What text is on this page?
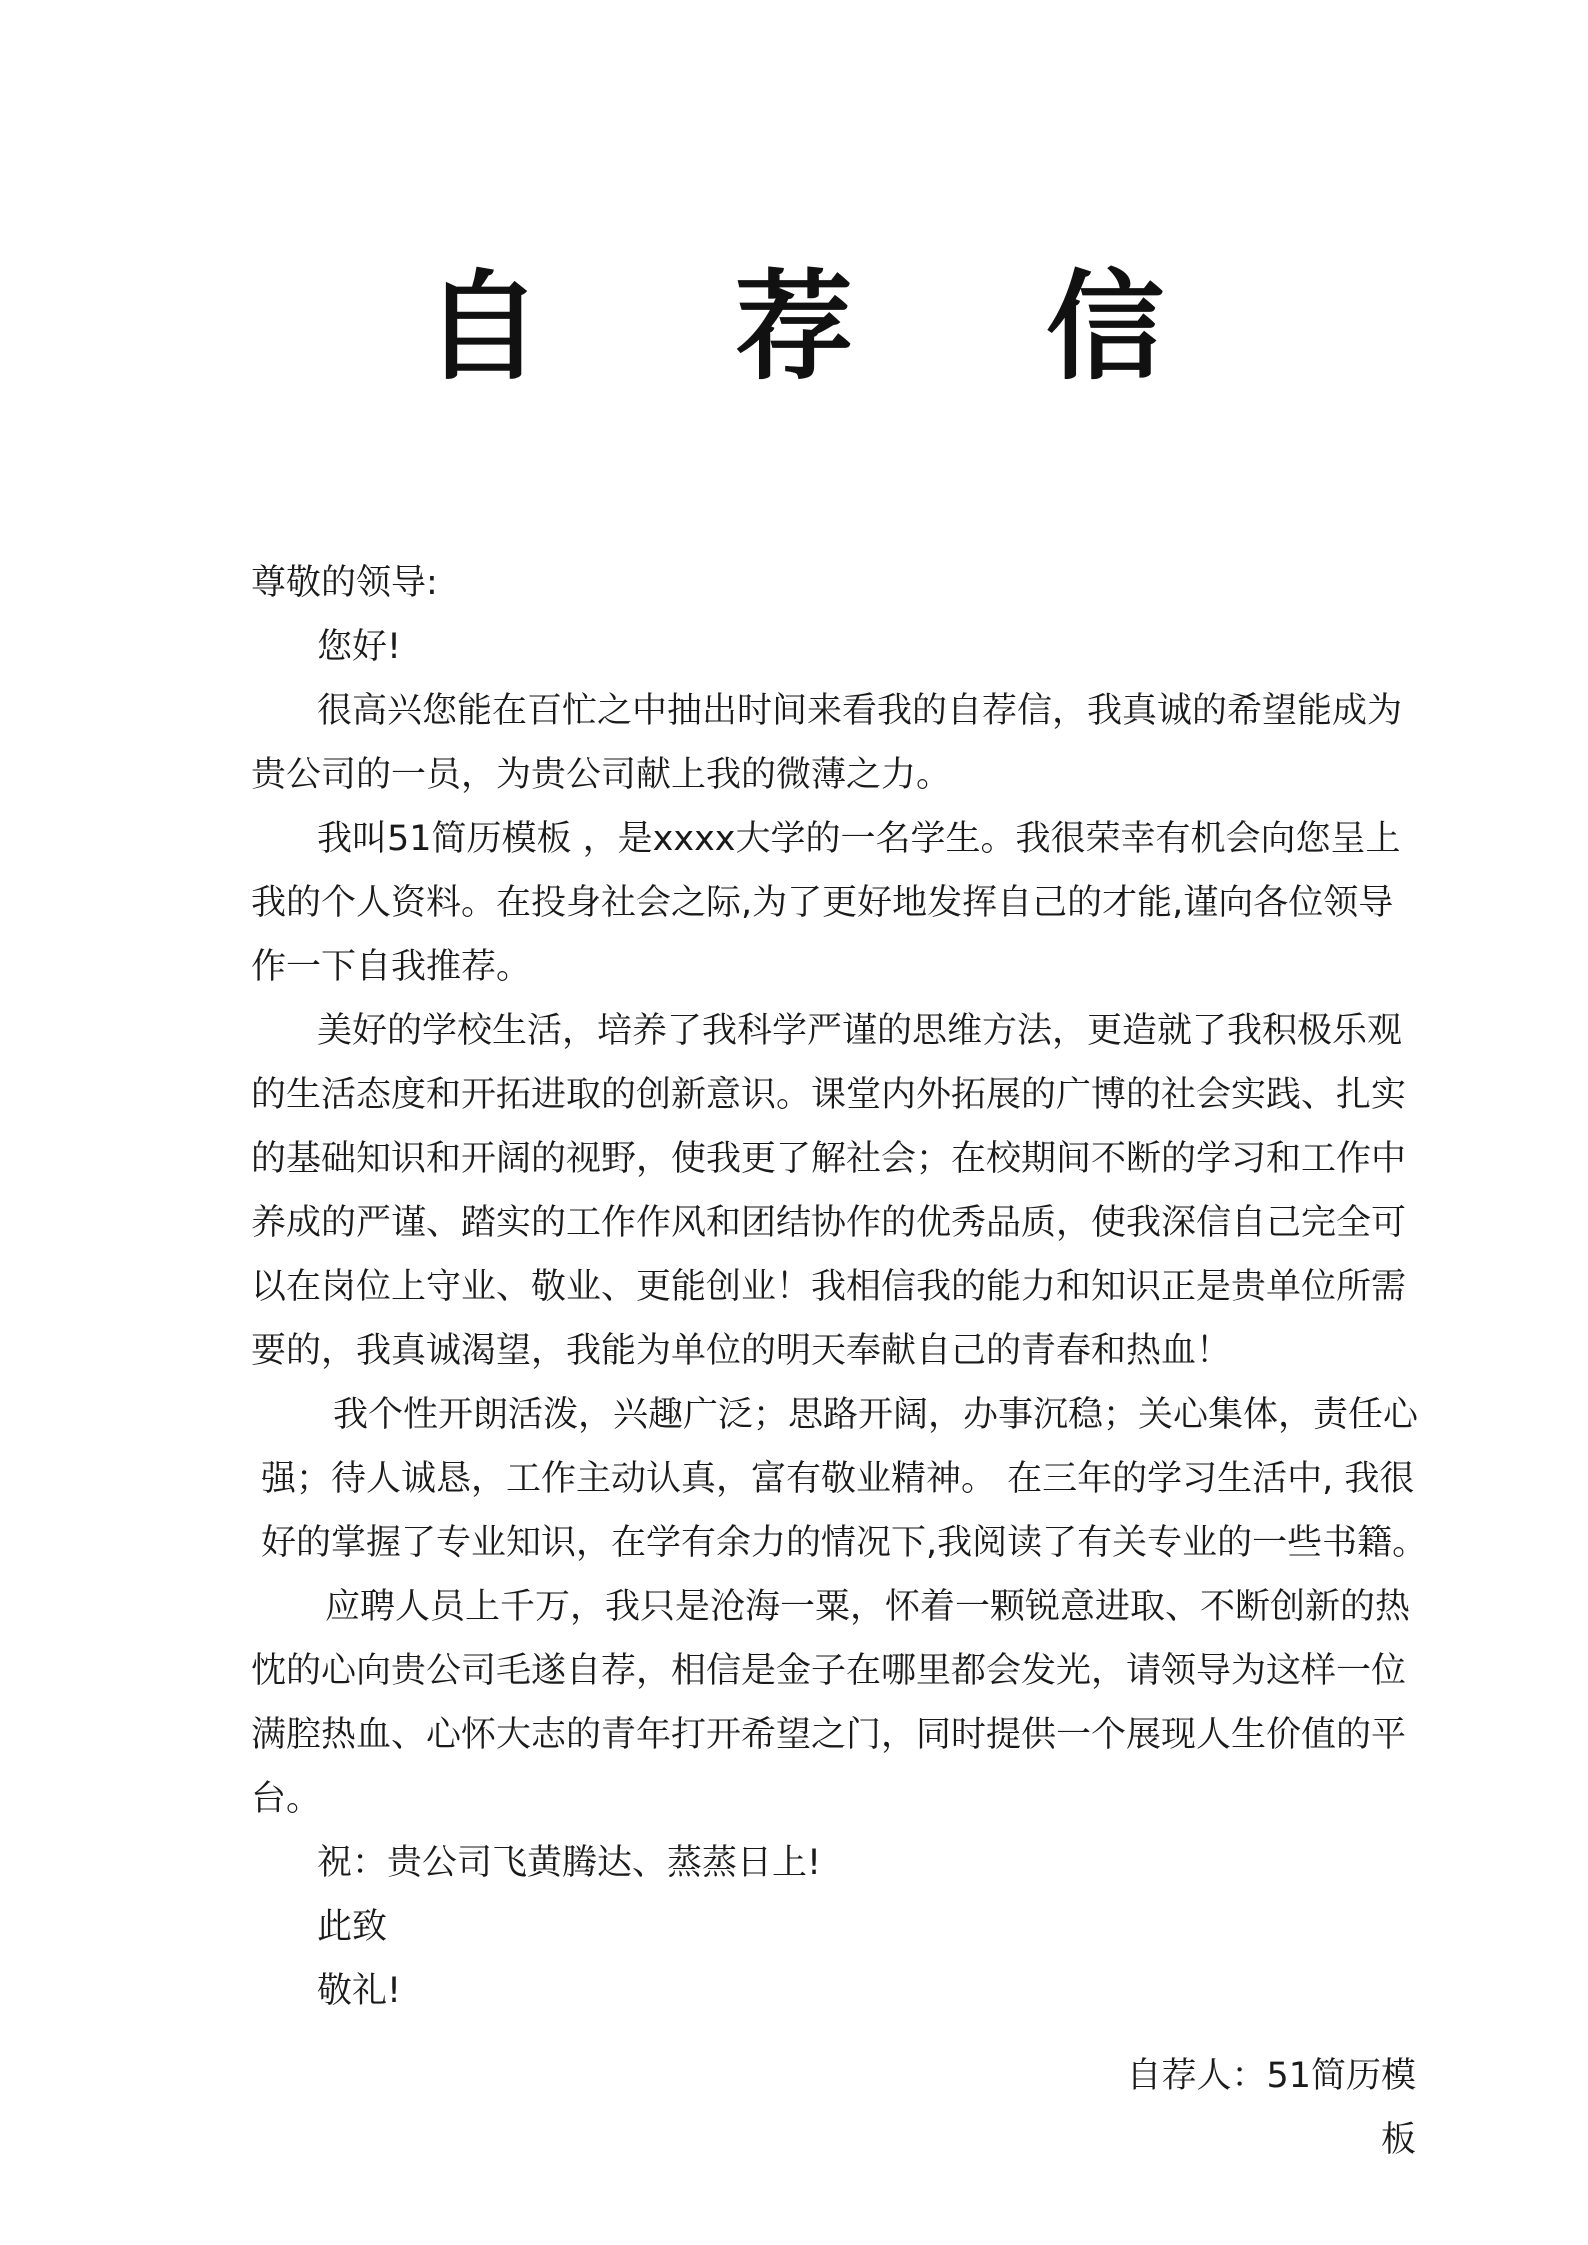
自 荐 信
尊敬的领导:
您好!
很高兴您能在百忙之中抽出时间来看我的自荐信，我真诚的希望能成为
贵公司的一员，为贵公司献上我的微薄之力。
我叫51简历模板 ，是xxxx大学的一名学生。我很荣幸有机会向您呈上
我的个人资料。在投身社会之际,为了更好地发挥自己的才能,谨向各位领导
作一下自我推荐。
美好的学校生活，培养了我科学严谨的思维方法，更造就了我积极乐观
的生活态度和开拓进取的创新意识。课堂内外拓展的广博的社会实践、扎实
的基础知识和开阔的视野，使我更了解社会；在校期间不断的学习和工作中
养成的严谨、踏实的工作作风和团结协作的优秀品质，使我深信自己完全可
以在岗位上守业、敬业、更能创业！我相信我的能力和知识正是贵单位所需
要的，我真诚渴望，我能为单位的明天奉献自己的青春和热血！
我个性开朗活泼，兴趣广泛；思路开阔，办事沉稳；关心集体，责任心
强；待人诚恳，工作主动认真，富有敬业精神。 在三年的学习生活中, 我很
好的掌握了专业知识，在学有余力的情况下,我阅读了有关专业的一些书籍。
应聘人员上千万，我只是沧海一粟，怀着一颗锐意进取、不断创新的热
忱的心向贵公司毛遂自荐，相信是金子在哪里都会发光，请领导为这样一位
满腔热血、心怀大志的青年打开希望之门，同时提供一个展现人生价值的平
台。
祝：贵公司飞黄腾达、蒸蒸日上!
此致
敬礼!
自荐人：51简历模板
